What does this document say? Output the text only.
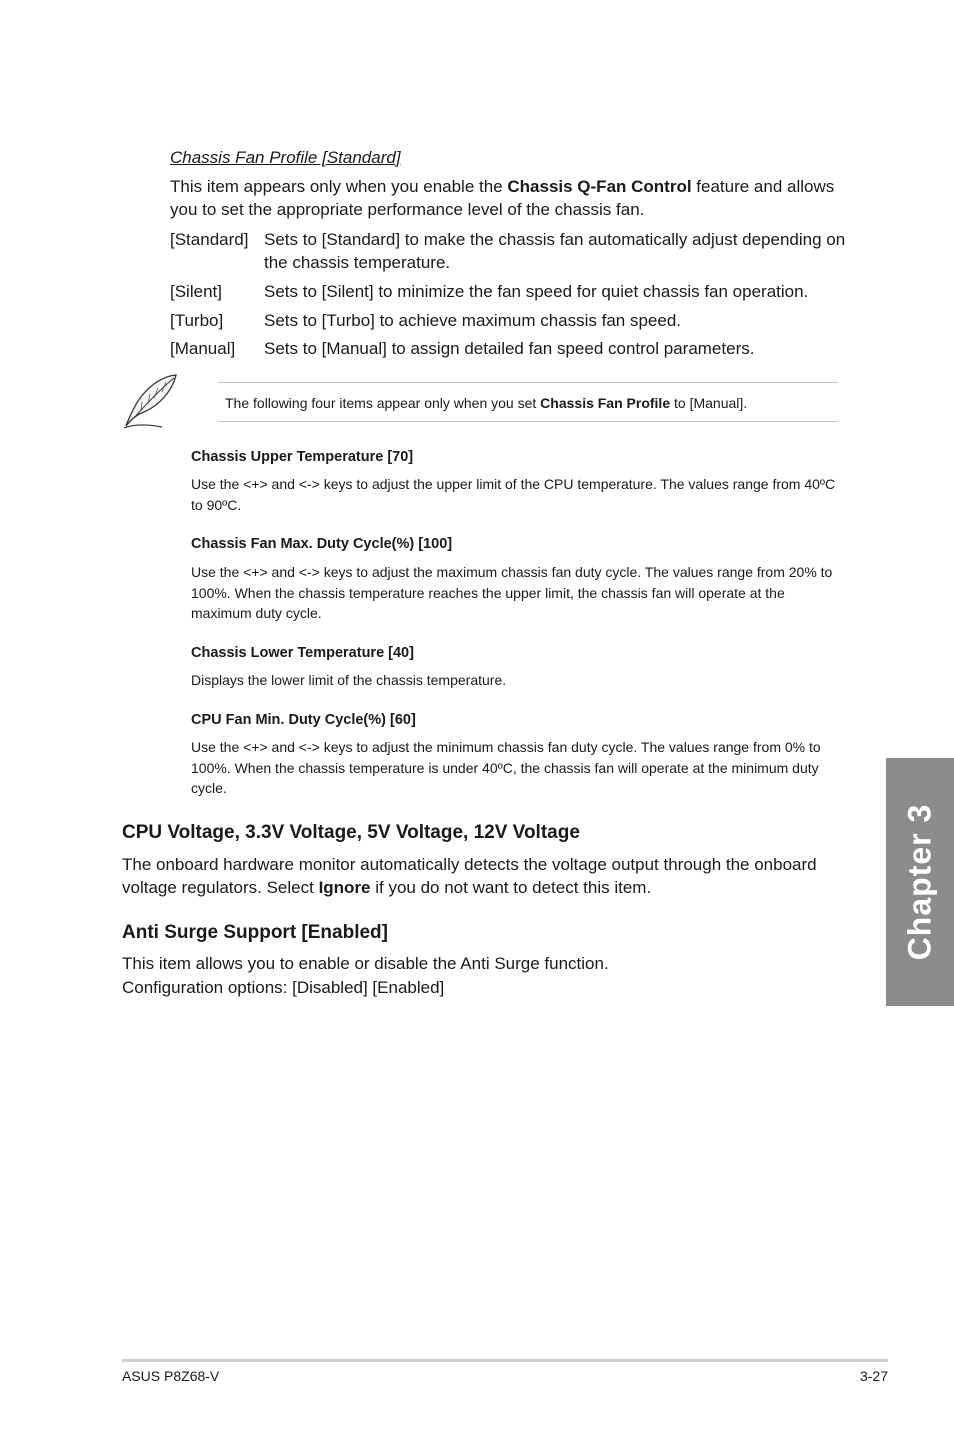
Chassis Fan Profile [Standard]
This item appears only when you enable the Chassis Q-Fan Control feature and allows you to set the appropriate performance level of the chassis fan.
[Standard] Sets to [Standard] to make the chassis fan automatically adjust depending on the chassis temperature.
[Silent] Sets to [Silent] to minimize the fan speed for quiet chassis fan operation.
[Turbo] Sets to [Turbo] to achieve maximum chassis fan speed.
[Manual] Sets to [Manual] to assign detailed fan speed control parameters.
The following four items appear only when you set Chassis Fan Profile to [Manual].
Chassis Upper Temperature [70]
Use the <+> and <-> keys to adjust the upper limit of the CPU temperature. The values range from 40ºC to 90ºC.
Chassis Fan Max. Duty Cycle(%) [100]
Use the <+> and <-> keys to adjust the maximum chassis fan duty cycle. The values range from 20% to 100%. When the chassis temperature reaches the upper limit, the chassis fan will operate at the maximum duty cycle.
Chassis Lower Temperature [40]
Displays the lower limit of the chassis temperature.
CPU Fan Min. Duty Cycle(%) [60]
Use the <+> and <-> keys to adjust the minimum chassis fan duty cycle. The values range from 0% to 100%. When the chassis temperature is under 40ºC, the chassis fan will operate at the minimum duty cycle.
CPU Voltage, 3.3V Voltage, 5V Voltage, 12V Voltage
The onboard hardware monitor automatically detects the voltage output through the onboard voltage regulators. Select Ignore if you do not want to detect this item.
Anti Surge Support [Enabled]
This item allows you to enable or disable the Anti Surge function.
Configuration options: [Disabled] [Enabled]
Chapter 3
ASUS P8Z68-V	3-27
